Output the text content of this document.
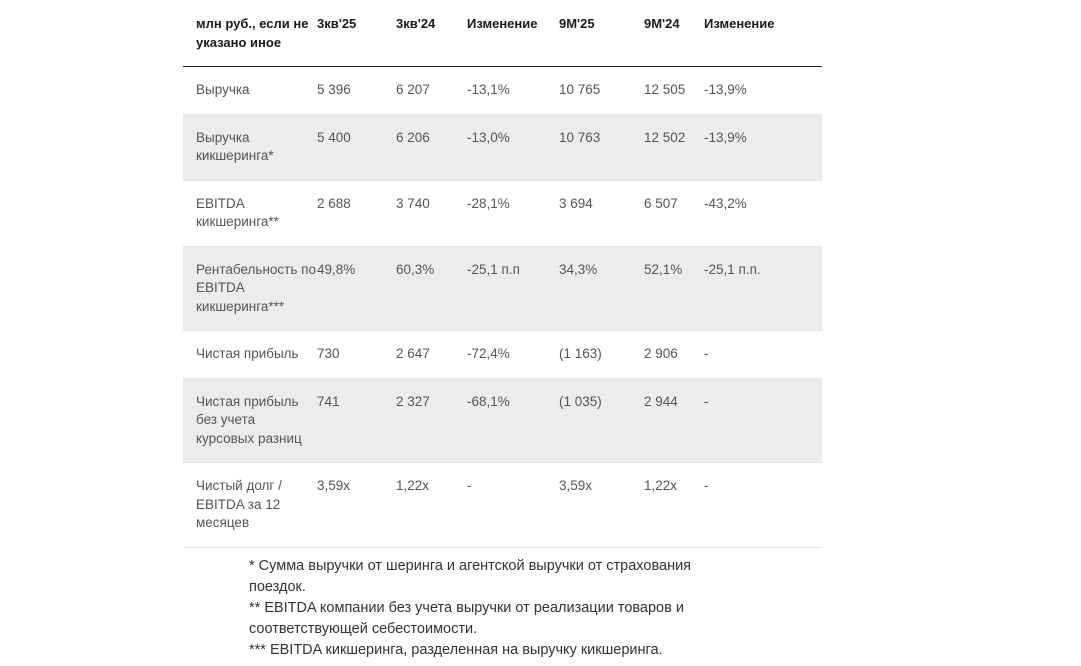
млн руб., если не указано иное	3кв'25	3кв'24	Изменение	9M'25	9M'24	Изменение
Выручка	5 396	6 207	-13,1%	10 765	12 505	-13,9%
Выручка кикшеринга*	5 400	6 206	-13,0%	10 763	12 502	-13,9%
EBITDA кикшеринга**	2 688	3 740	-28,1%	3 694	6 507	-43,2%
Рентабельность по EBITDA кикшеринга***	49,8%	60,3%	-25,1 п.п	34,3%	52,1%	-25,1 п.п.
Чистая прибыль	730	2 647	-72,4%	(1 163)	2 906	-
Чистая прибыль без учета курсовых разниц	741	2 327	-68,1%	(1 035)	2 944	-
Чистый долг / EBITDA за 12 месяцев	3,59x	1,22x	-	3,59x	1,22x	-

* Сумма выручки от шеринга и агентской выручки от страхования поездок.

** EBITDA компании без учета выручки от реализации товаров и соответствующей себестоимости.

*** EBITDA кикшеринга, разделенная на выручку кикшеринга.
